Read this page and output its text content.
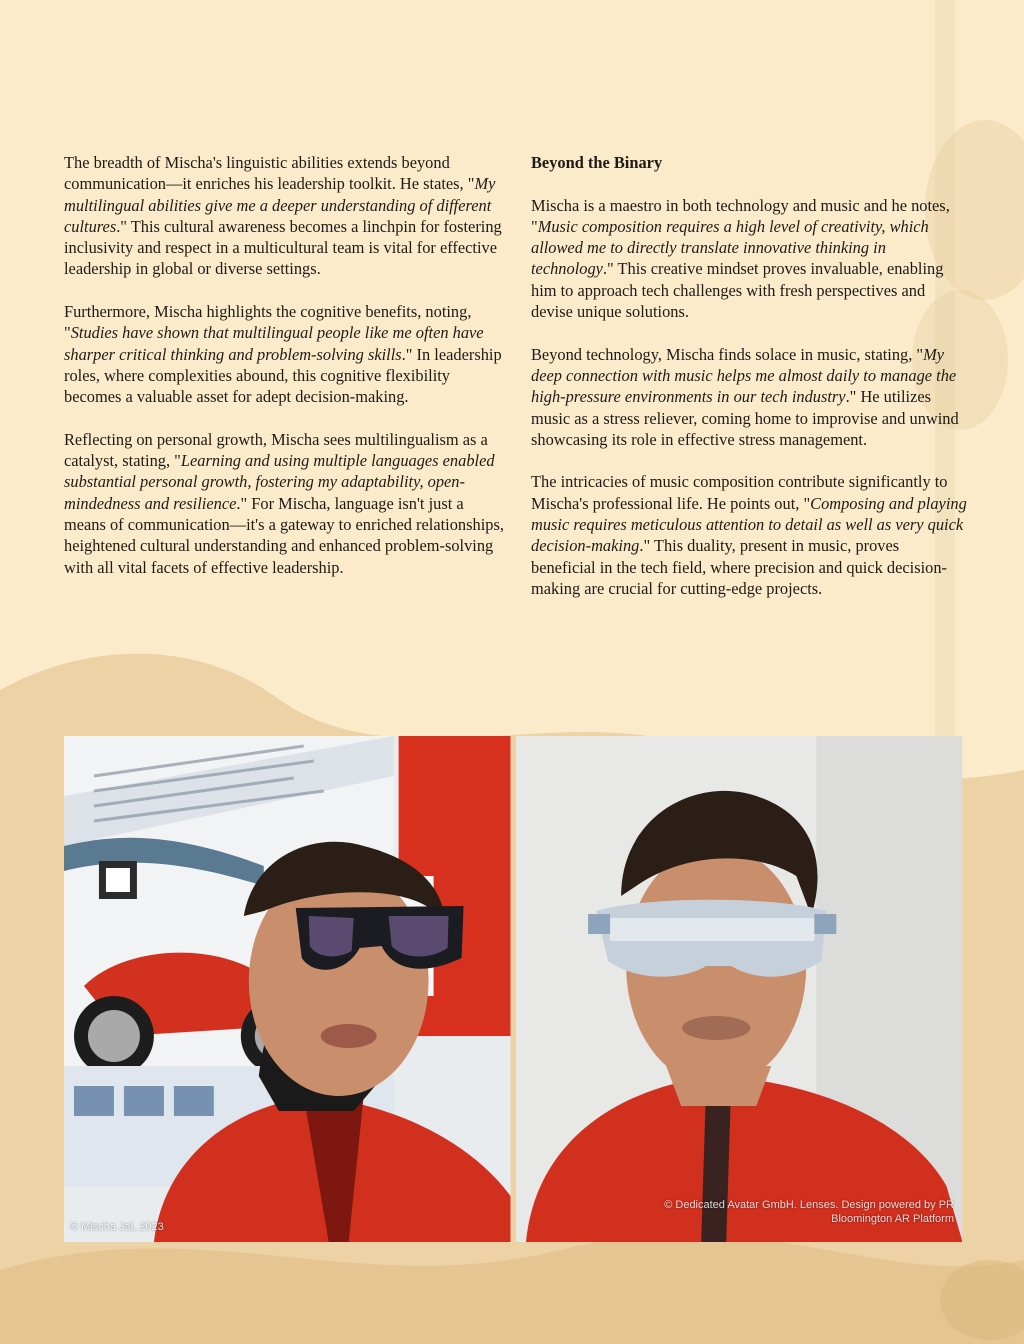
The breadth of Mischa's linguistic abilities extends beyond communication—it enriches his leadership toolkit. He states, "My multilingual abilities give me a deeper understanding of different cultures." This cultural awareness becomes a linchpin for fostering inclusivity and respect in a multicultural team is vital for effective leadership in global or diverse settings.

Furthermore, Mischa highlights the cognitive benefits, noting, "Studies have shown that multilingual people like me often have sharper critical thinking and problem-solving skills." In leadership roles, where complexities abound, this cognitive flexibility becomes a valuable asset for adept decision-making.

Reflecting on personal growth, Mischa sees multilingualism as a catalyst, stating, "Learning and using multiple languages enabled substantial personal growth, fostering my adaptability, open-mindedness and resilience." For Mischa, language isn't just a means of communication—it's a gateway to enriched relationships, heightened cultural understanding and enhanced problem-solving with all vital facets of effective leadership.

Beyond the Binary

Mischa is a maestro in both technology and music and he notes, "Music composition requires a high level of creativity, which allowed me to directly translate innovative thinking in technology." This creative mindset proves invaluable, enabling him to approach tech challenges with fresh perspectives and devise unique solutions.

Beyond technology, Mischa finds solace in music, stating, "My deep connection with music helps me almost daily to manage the high-pressure environments in our tech industry." He utilizes music as a stress reliever, coming home to improvise and unwind showcasing its role in effective stress management.

The intricacies of music composition contribute significantly to Mischa's professional life. He points out, "Composing and playing music requires meticulous attention to detail as well as very quick decision-making." This duality, present in music, proves beneficial in the tech field, where precision and quick decision-making are crucial for cutting-edge projects.

© Mischa Jal, 2023
© Dedicated Avatar GmbH. Lenses. Design powered by PR Bloomington AR Platform
